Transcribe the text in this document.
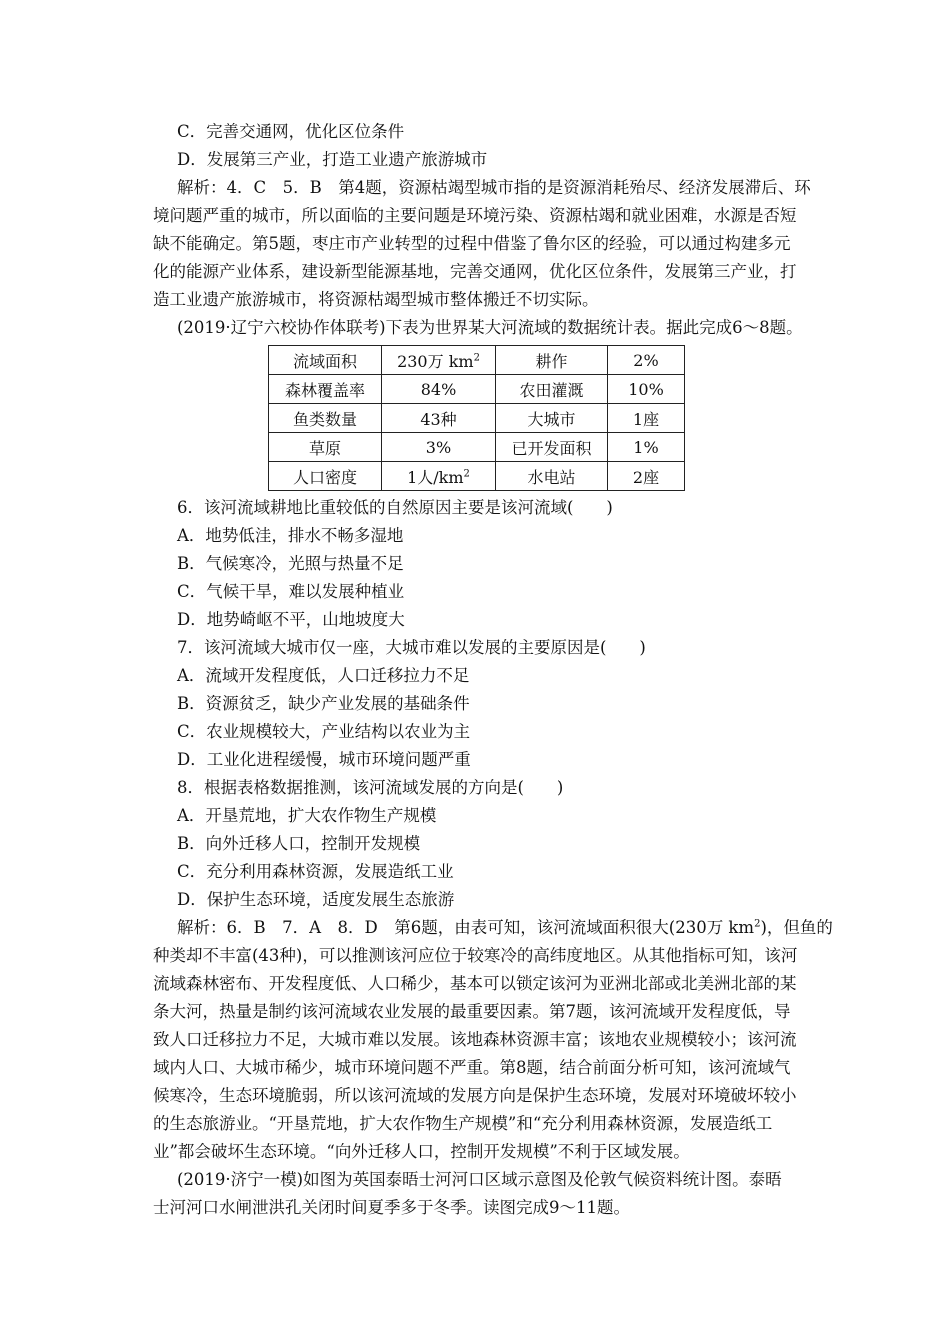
C．完善交通网，优化区位条件
D．发展第三产业，打造工业遗产旅游城市
解析：4．C　5．B　第4题，资源枯竭型城市指的是资源消耗殆尽、经济发展滞后、环
境问题严重的城市，所以面临的主要问题是环境污染、资源枯竭和就业困难，水源是否短
缺不能确定。第5题，枣庄市产业转型的过程中借鉴了鲁尔区的经验，可以通过构建多元
化的能源产业体系，建设新型能源基地，完善交通网，优化区位条件，发展第三产业，打
造工业遗产旅游城市，将资源枯竭型城市整体搬迁不切实际。
(2019·辽宁六校协作体联考)下表为世界某大河流域的数据统计表。据此完成6～8题。
流域面积	230万 $km^2$	耕作	2%
森林覆盖率	84%	农田灌溉	10%
鱼类数量	43种	大城市	1座
草原	3%	已开发面积	1%
人口密度	1人$/km^2$	水电站	2座
6．该河流域耕地比重较低的自然原因主要是该河流域(　　)
A．地势低洼，排水不畅多湿地
B．气候寒冷，光照与热量不足
C．气候干旱，难以发展种植业
D．地势崎岖不平，山地坡度大
7．该河流域大城市仅一座，大城市难以发展的主要原因是(　　)
A．流域开发程度低，人口迁移拉力不足
B．资源贫乏，缺少产业发展的基础条件
C．农业规模较大，产业结构以农业为主
D．工业化进程缓慢，城市环境问题严重
8．根据表格数据推测，该河流域发展的方向是(　　)
A．开垦荒地，扩大农作物生产规模
B．向外迁移人口，控制开发规模
C．充分利用森林资源，发展造纸工业
D．保护生态环境，适度发展生态旅游
解析：6．B　7．A　8．D　第6题，由表可知，该河流域面积很大(230万 $km^2$)，但鱼的
种类却不丰富(43种)，可以推测该河应位于较寒冷的高纬度地区。从其他指标可知，该河
流域森林密布、开发程度低、人口稀少，基本可以锁定该河为亚洲北部或北美洲北部的某
条大河，热量是制约该河流域农业发展的最重要因素。第7题，该河流域开发程度低，导
致人口迁移拉力不足，大城市难以发展。该地森林资源丰富；该地农业规模较小；该河流
域内人口、大城市稀少，城市环境问题不严重。第8题，结合前面分析可知，该河流域气
候寒冷，生态环境脆弱，所以该河流域的发展方向是保护生态环境，发展对环境破坏较小
的生态旅游业。“开垦荒地，扩大农作物生产规模”和“充分利用森林资源，发展造纸工
业”都会破坏生态环境。“向外迁移人口，控制开发规模”不利于区域发展。
(2019·济宁一模)如图为英国泰晤士河河口区域示意图及伦敦气候资料统计图。泰晤
士河河口水闸泄洪孔关闭时间夏季多于冬季。读图完成9～11题。
